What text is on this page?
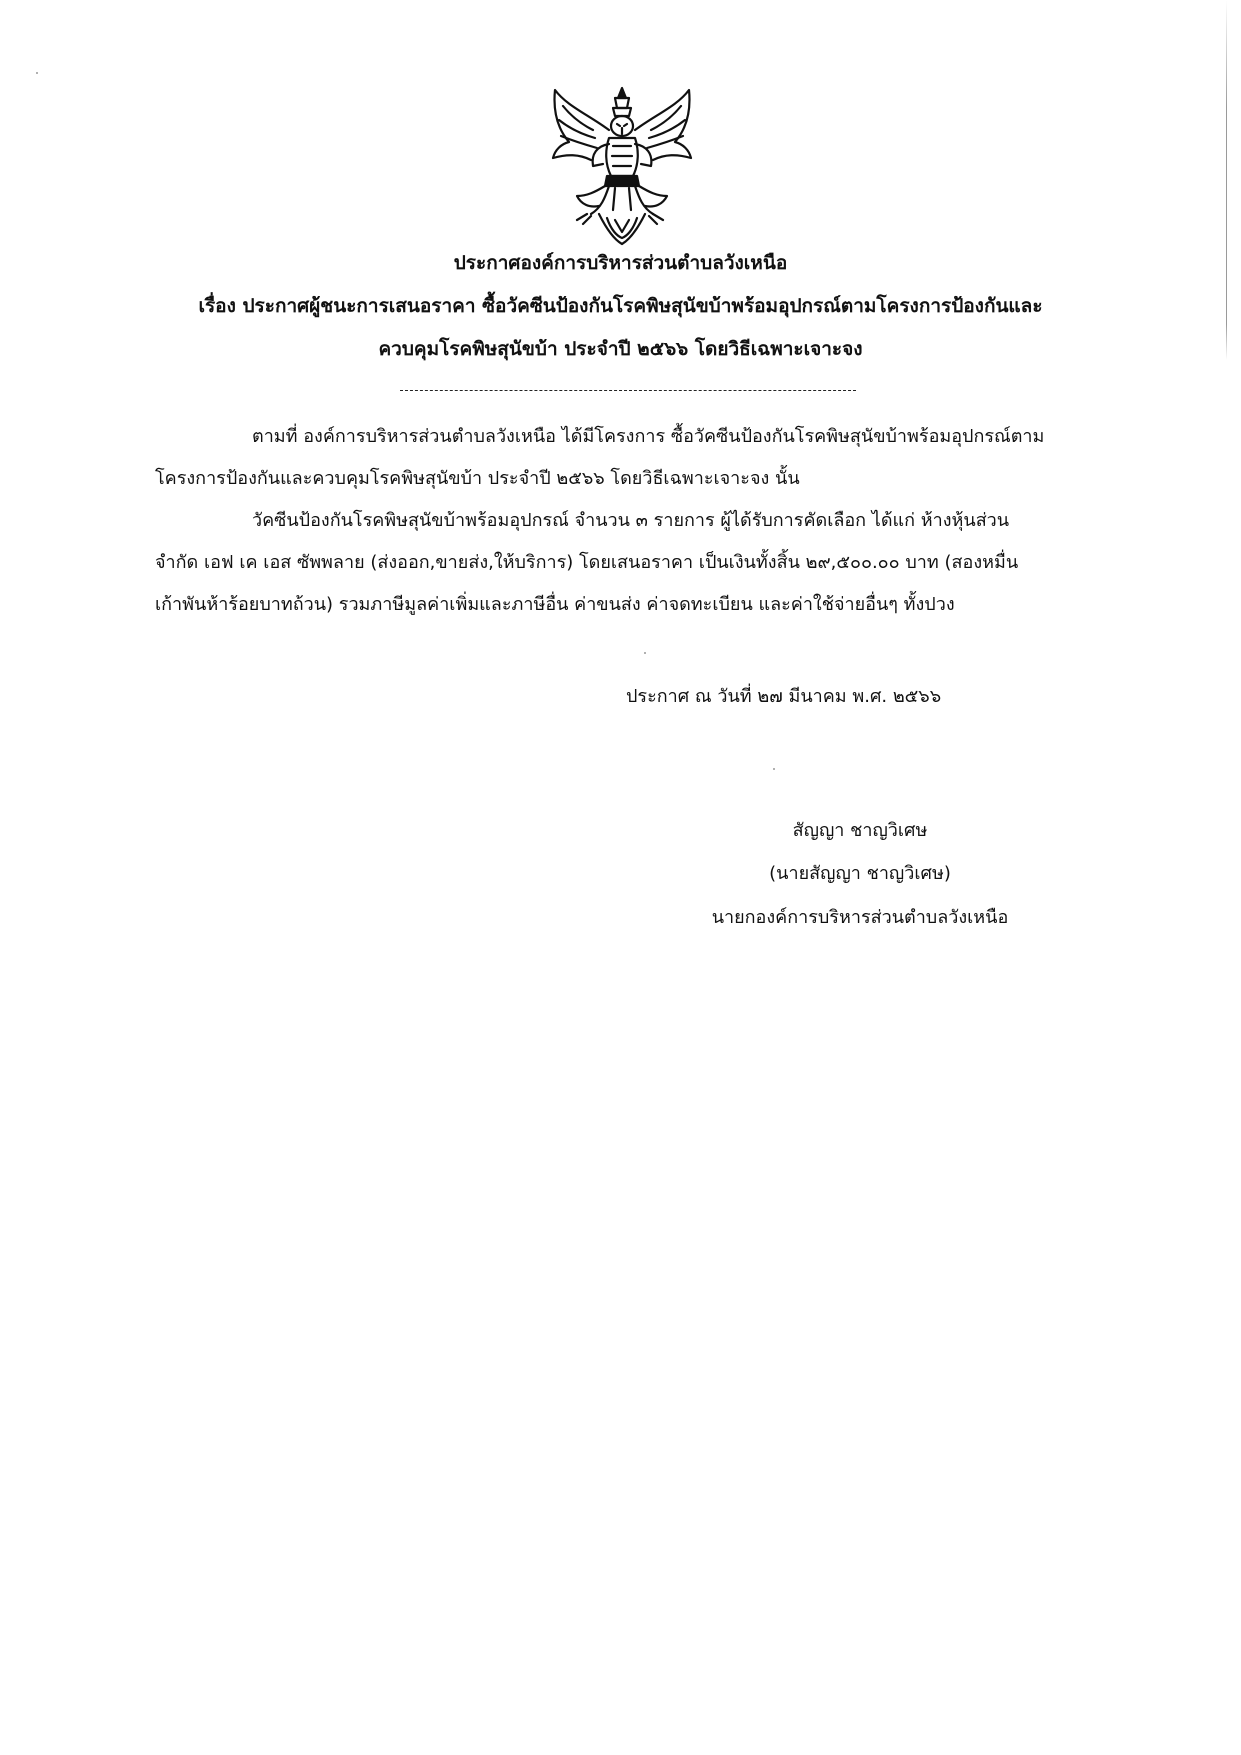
ประกาศองค์การบริหารส่วนตำบลวังเหนือ
เรื่อง ประกาศผู้ชนะการเสนอราคา ซื้อวัคซีนป้องกันโรคพิษสุนัขบ้าพร้อมอุปกรณ์ตามโครงการป้องกันและ
ควบคุมโรคพิษสุนัขบ้า ประจำปี ๒๕๖๖ โดยวิธีเฉพาะเจาะจง
ตามที่ องค์การบริหารส่วนตำบลวังเหนือ ได้มีโครงการ ซื้อวัคซีนป้องกันโรคพิษสุนัขบ้าพร้อมอุปกรณ์ตาม
โครงการป้องกันและควบคุมโรคพิษสุนัขบ้า ประจำปี ๒๕๖๖ โดยวิธีเฉพาะเจาะจง นั้น
วัคซีนป้องกันโรคพิษสุนัขบ้าพร้อมอุปกรณ์ จำนวน ๓ รายการ ผู้ได้รับการคัดเลือก ได้แก่ ห้างหุ้นส่วน
จำกัด เอฟ เค เอส ซัพพลาย (ส่งออก,ขายส่ง,ให้บริการ) โดยเสนอราคา เป็นเงินทั้งสิ้น ๒๙,๕๐๐.๐๐ บาท (สองหมื่น
เก้าพันห้าร้อยบาทถ้วน) รวมภาษีมูลค่าเพิ่มและภาษีอื่น ค่าขนส่ง ค่าจดทะเบียน และค่าใช้จ่ายอื่นๆ ทั้งปวง
ประกาศ ณ วันที่ ๒๗ มีนาคม พ.ศ. ๒๕๖๖
สัญญา ชาญวิเศษ
(นายสัญญา ชาญวิเศษ)
นายกองค์การบริหารส่วนตำบลวังเหนือ
